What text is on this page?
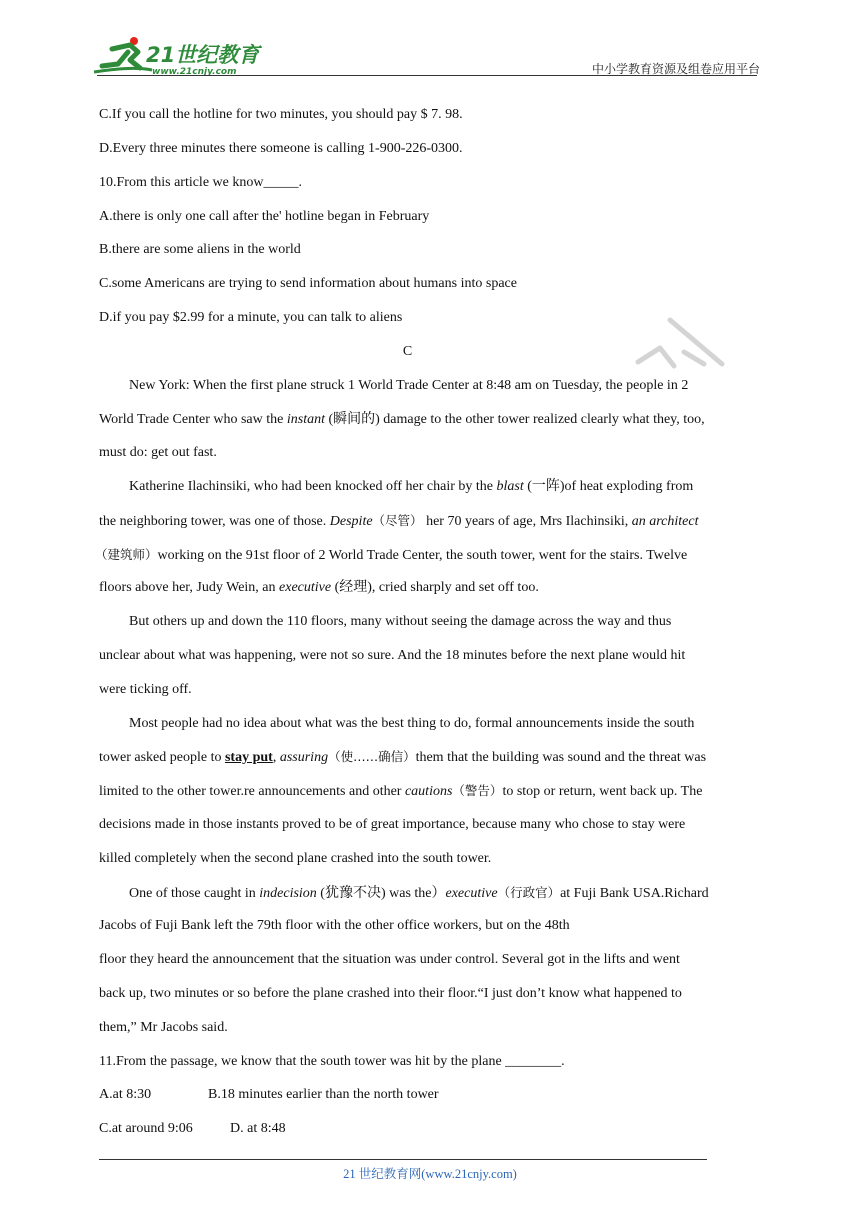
21世纪教育
www.21cnjy.com	中小学教育资源及组卷应用平台
C.If you call the hotline for two minutes, you should pay $ 7. 98.
D.Every three minutes there someone is calling 1-900-226-0300.
10.From this article we know_____.
A.there is only one call after the' hotline began in February
B.there are some aliens in the world
C.some Americans are trying to send information about humans into space
D.if you pay $2.99 for a minute, you can talk to aliens
C
New York: When the first plane struck 1 World Trade Center at 8:48 am on Tuesday, the people in 2
World Trade Center who saw the instant (瞬间的) damage to the other tower realized clearly what they, too,
must do: get out fast.
Katherine Ilachinsiki, who had been knocked off her chair by the blast (一阵)of heat exploding from
the neighboring tower, was one of those. Despite（尽管） her 70 years of age, Mrs Ilachinsiki, an architect
（建筑师）working on the 91st floor of 2 World Trade Center, the south tower, went for the stairs. Twelve
floors above her, Judy Wein, an executive (经理), cried sharply and set off too.
But others up and down the 110 floors, many without seeing the damage across the way and thus
unclear about what was happening, were not so sure. And the 18 minutes before the next plane would hit
were ticking off.
Most people had no idea about what was the best thing to do, formal announcements inside the south
tower asked people to stay put, assuring（使……确信）them that the building was sound and the threat was
limited to the other tower.re announcements and other cautions（警告）to stop or return, went back up. The
decisions made in those instants proved to be of great importance, because many who chose to stay were
killed completely when the second plane crashed into the south tower.
One of those caught in indecision (犹豫不决) was the）executive（行政官）at Fuji Bank USA.Richard
Jacobs of Fuji Bank left the 79th floor with the other office workers, but on the 48th
floor they heard the announcement that the situation was under control. Several got in the lifts and went
back up, two minutes or so before the plane crashed into their floor.“I just don’t know what happened to
them,” Mr Jacobs said.
11.From the passage, we know that the south tower was hit by the plane ________.
A.at 8:30	B.18 minutes earlier than the north tower
C.at around 9:06	D. at 8:48
21 世纪教育网(www.21cnjy.com)
